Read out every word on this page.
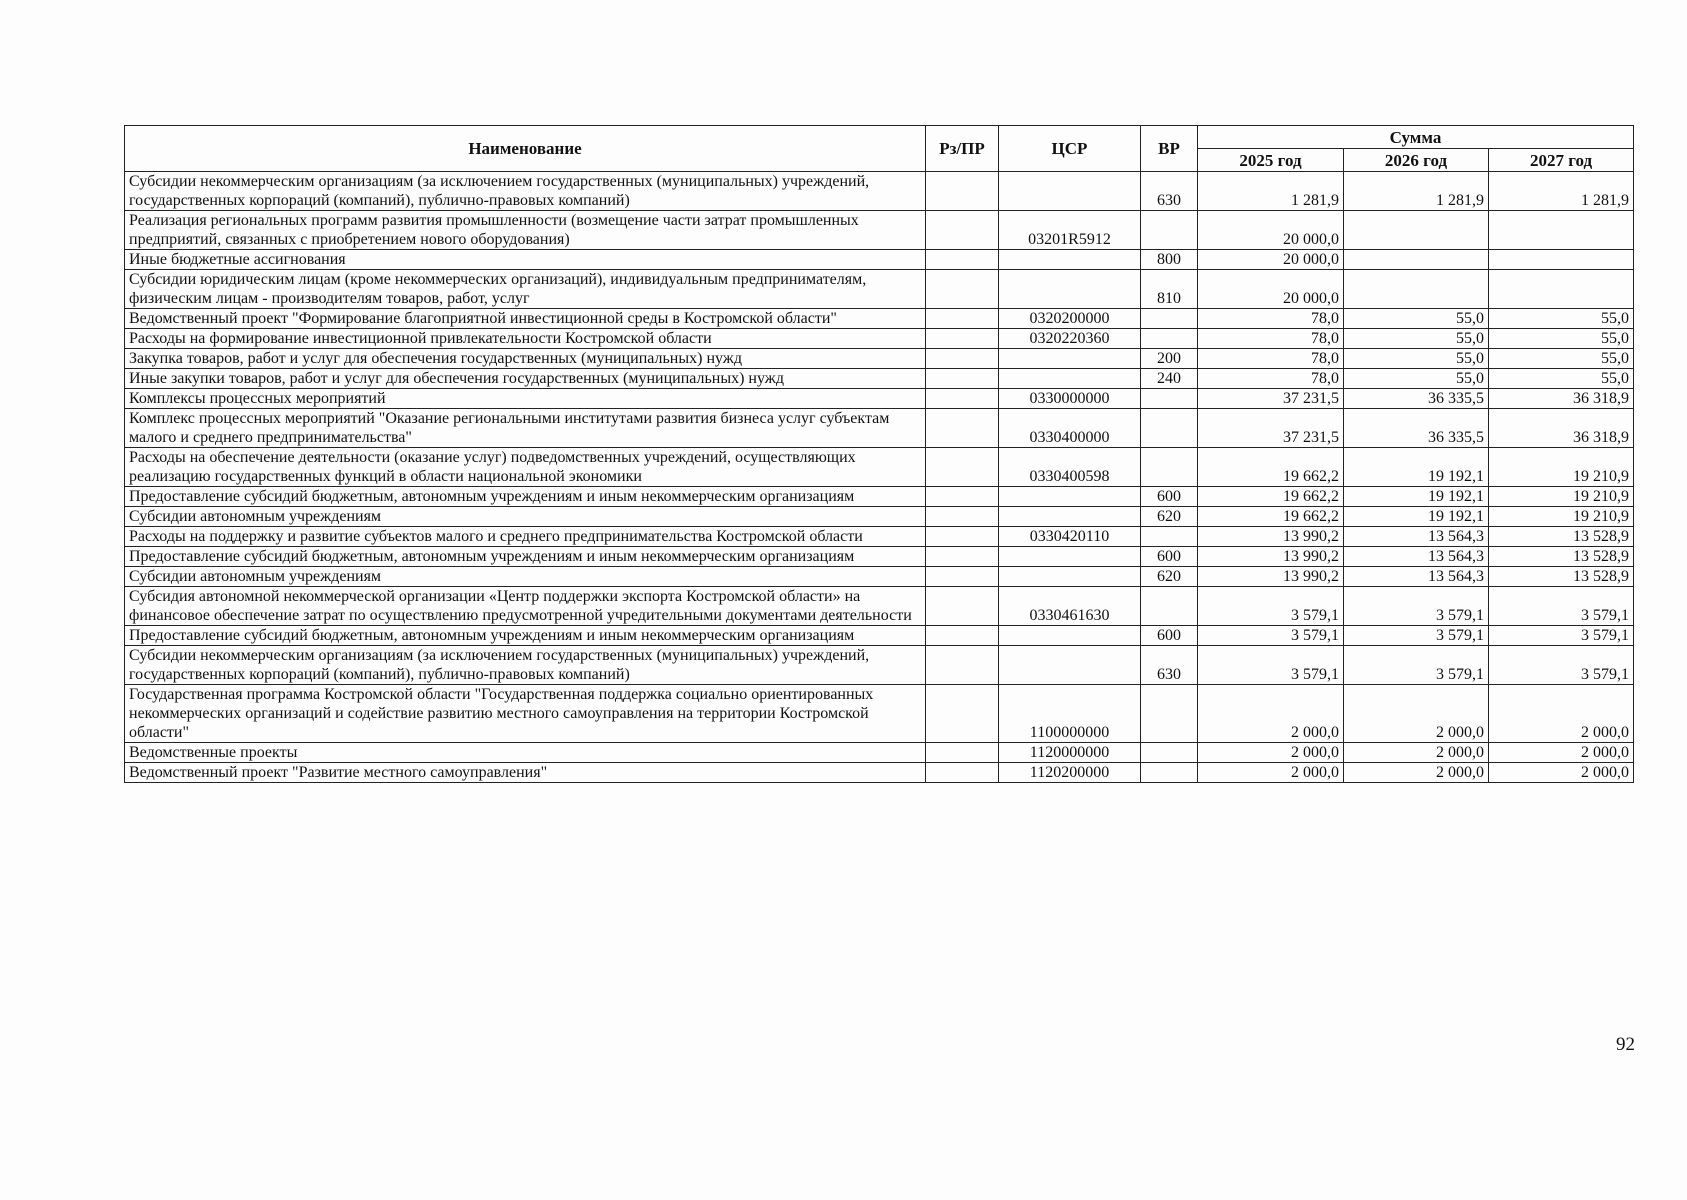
Наименование	Рз/ПР	ЦСР	ВР	Сумма		
				2025 год	2026 год	2027 год
Субсидии некоммерческим организациям (за исключением государственных (муниципальных) учреждений, государственных корпораций (компаний), публично-правовых компаний)			630	1 281,9	1 281,9	1 281,9
Реализация региональных программ развития промышленности (возмещение части затрат промышленных предприятий, связанных с приобретением нового оборудования)		03201R5912		20 000,0		
Иные бюджетные ассигнования			800	20 000,0		
Субсидии юридическим лицам (кроме некоммерческих организаций), индивидуальным предпринимателям, физическим лицам - производителям товаров, работ, услуг			810	20 000,0		
Ведомственный проект "Формирование благоприятной инвестиционной среды в Костромской области"		0320200000		78,0	55,0	55,0
Расходы на формирование инвестиционной привлекательности Костромской области		0320220360		78,0	55,0	55,0
Закупка товаров, работ и услуг для обеспечения государственных (муниципальных) нужд			200	78,0	55,0	55,0
Иные закупки товаров, работ и услуг для обеспечения государственных (муниципальных) нужд			240	78,0	55,0	55,0
Комплексы процессных мероприятий		0330000000		37 231,5	36 335,5	36 318,9
Комплекс процессных мероприятий "Оказание региональными институтами развития бизнеса услуг субъектам малого и среднего предпринимательства"		0330400000		37 231,5	36 335,5	36 318,9
Расходы на обеспечение деятельности (оказание услуг) подведомственных учреждений, осуществляющих реализацию государственных функций в области национальной экономики		0330400598		19 662,2	19 192,1	19 210,9
Предоставление субсидий бюджетным, автономным учреждениям и иным некоммерческим организациям			600	19 662,2	19 192,1	19 210,9
Субсидии автономным учреждениям			620	19 662,2	19 192,1	19 210,9
Расходы на поддержку и развитие субъектов малого и среднего предпринимательства Костромской области		0330420110		13 990,2	13 564,3	13 528,9
Предоставление субсидий бюджетным, автономным учреждениям и иным некоммерческим организациям			600	13 990,2	13 564,3	13 528,9
Субсидии автономным учреждениям			620	13 990,2	13 564,3	13 528,9
Субсидия автономной некоммерческой организации «Центр поддержки экспорта Костромской области» на финансовое обеспечение затрат по осуществлению предусмотренной учредительными документами деятельности		0330461630		3 579,1	3 579,1	3 579,1
Предоставление субсидий бюджетным, автономным учреждениям и иным некоммерческим организациям			600	3 579,1	3 579,1	3 579,1
Субсидии некоммерческим организациям (за исключением государственных (муниципальных) учреждений, государственных корпораций (компаний), публично-правовых компаний)			630	3 579,1	3 579,1	3 579,1
Государственная программа Костромской области "Государственная поддержка социально ориентированных некоммерческих организаций и содействие развитию местного самоуправления на территории Костромской области"		1100000000		2 000,0	2 000,0	2 000,0
Ведомственные проекты		1120000000		2 000,0	2 000,0	2 000,0
Ведомственный проект "Развитие местного самоуправления"		1120200000		2 000,0	2 000,0	2 000,0
92
